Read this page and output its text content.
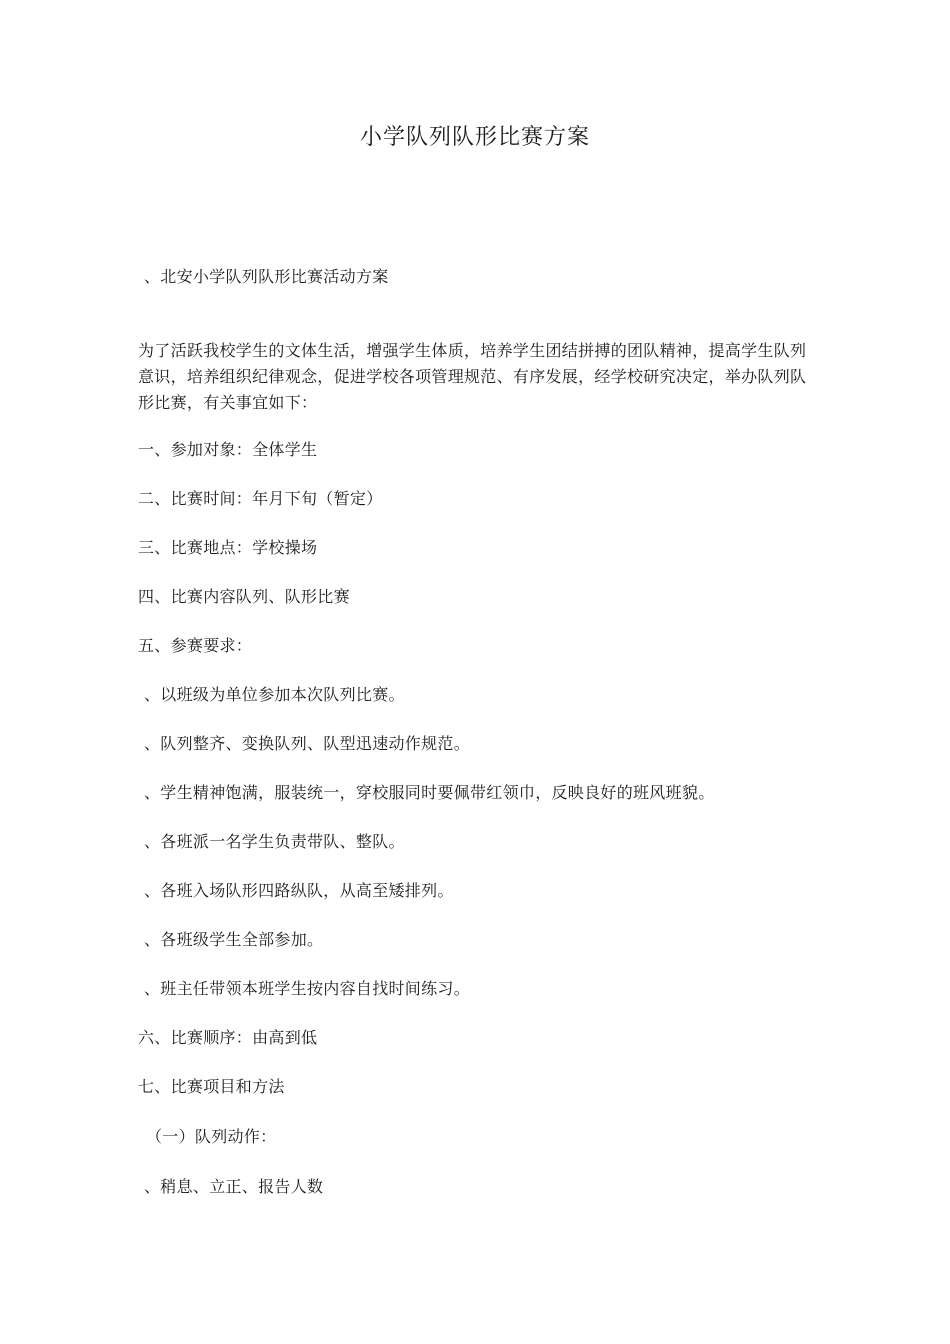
小学队列队形比赛方案
、北安小学队列队形比赛活动方案
为了活跃我校学生的文体生活，增强学生体质，培养学生团结拼搏的团队精神，提高学生队列意识，培养组织纪律观念，促进学校各项管理规范、有序发展，经学校研究决定，举办队列队形比赛，有关事宜如下：
一、参加对象：全体学生
二、比赛时间：年月下旬（暂定）
三、比赛地点：学校操场
四、比赛内容队列、队形比赛
五、参赛要求：
、以班级为单位参加本次队列比赛。
、队列整齐、变换队列、队型迅速动作规范。
、学生精神饱满，服装统一，穿校服同时要佩带红领巾，反映良好的班风班貌。
、各班派一名学生负责带队、整队。
、各班入场队形四路纵队，从高至矮排列。
、各班级学生全部参加。
、班主任带领本班学生按内容自找时间练习。
六、比赛顺序：由高到低
七、比赛项目和方法
（一）队列动作：
、稍息、立正、报告人数
